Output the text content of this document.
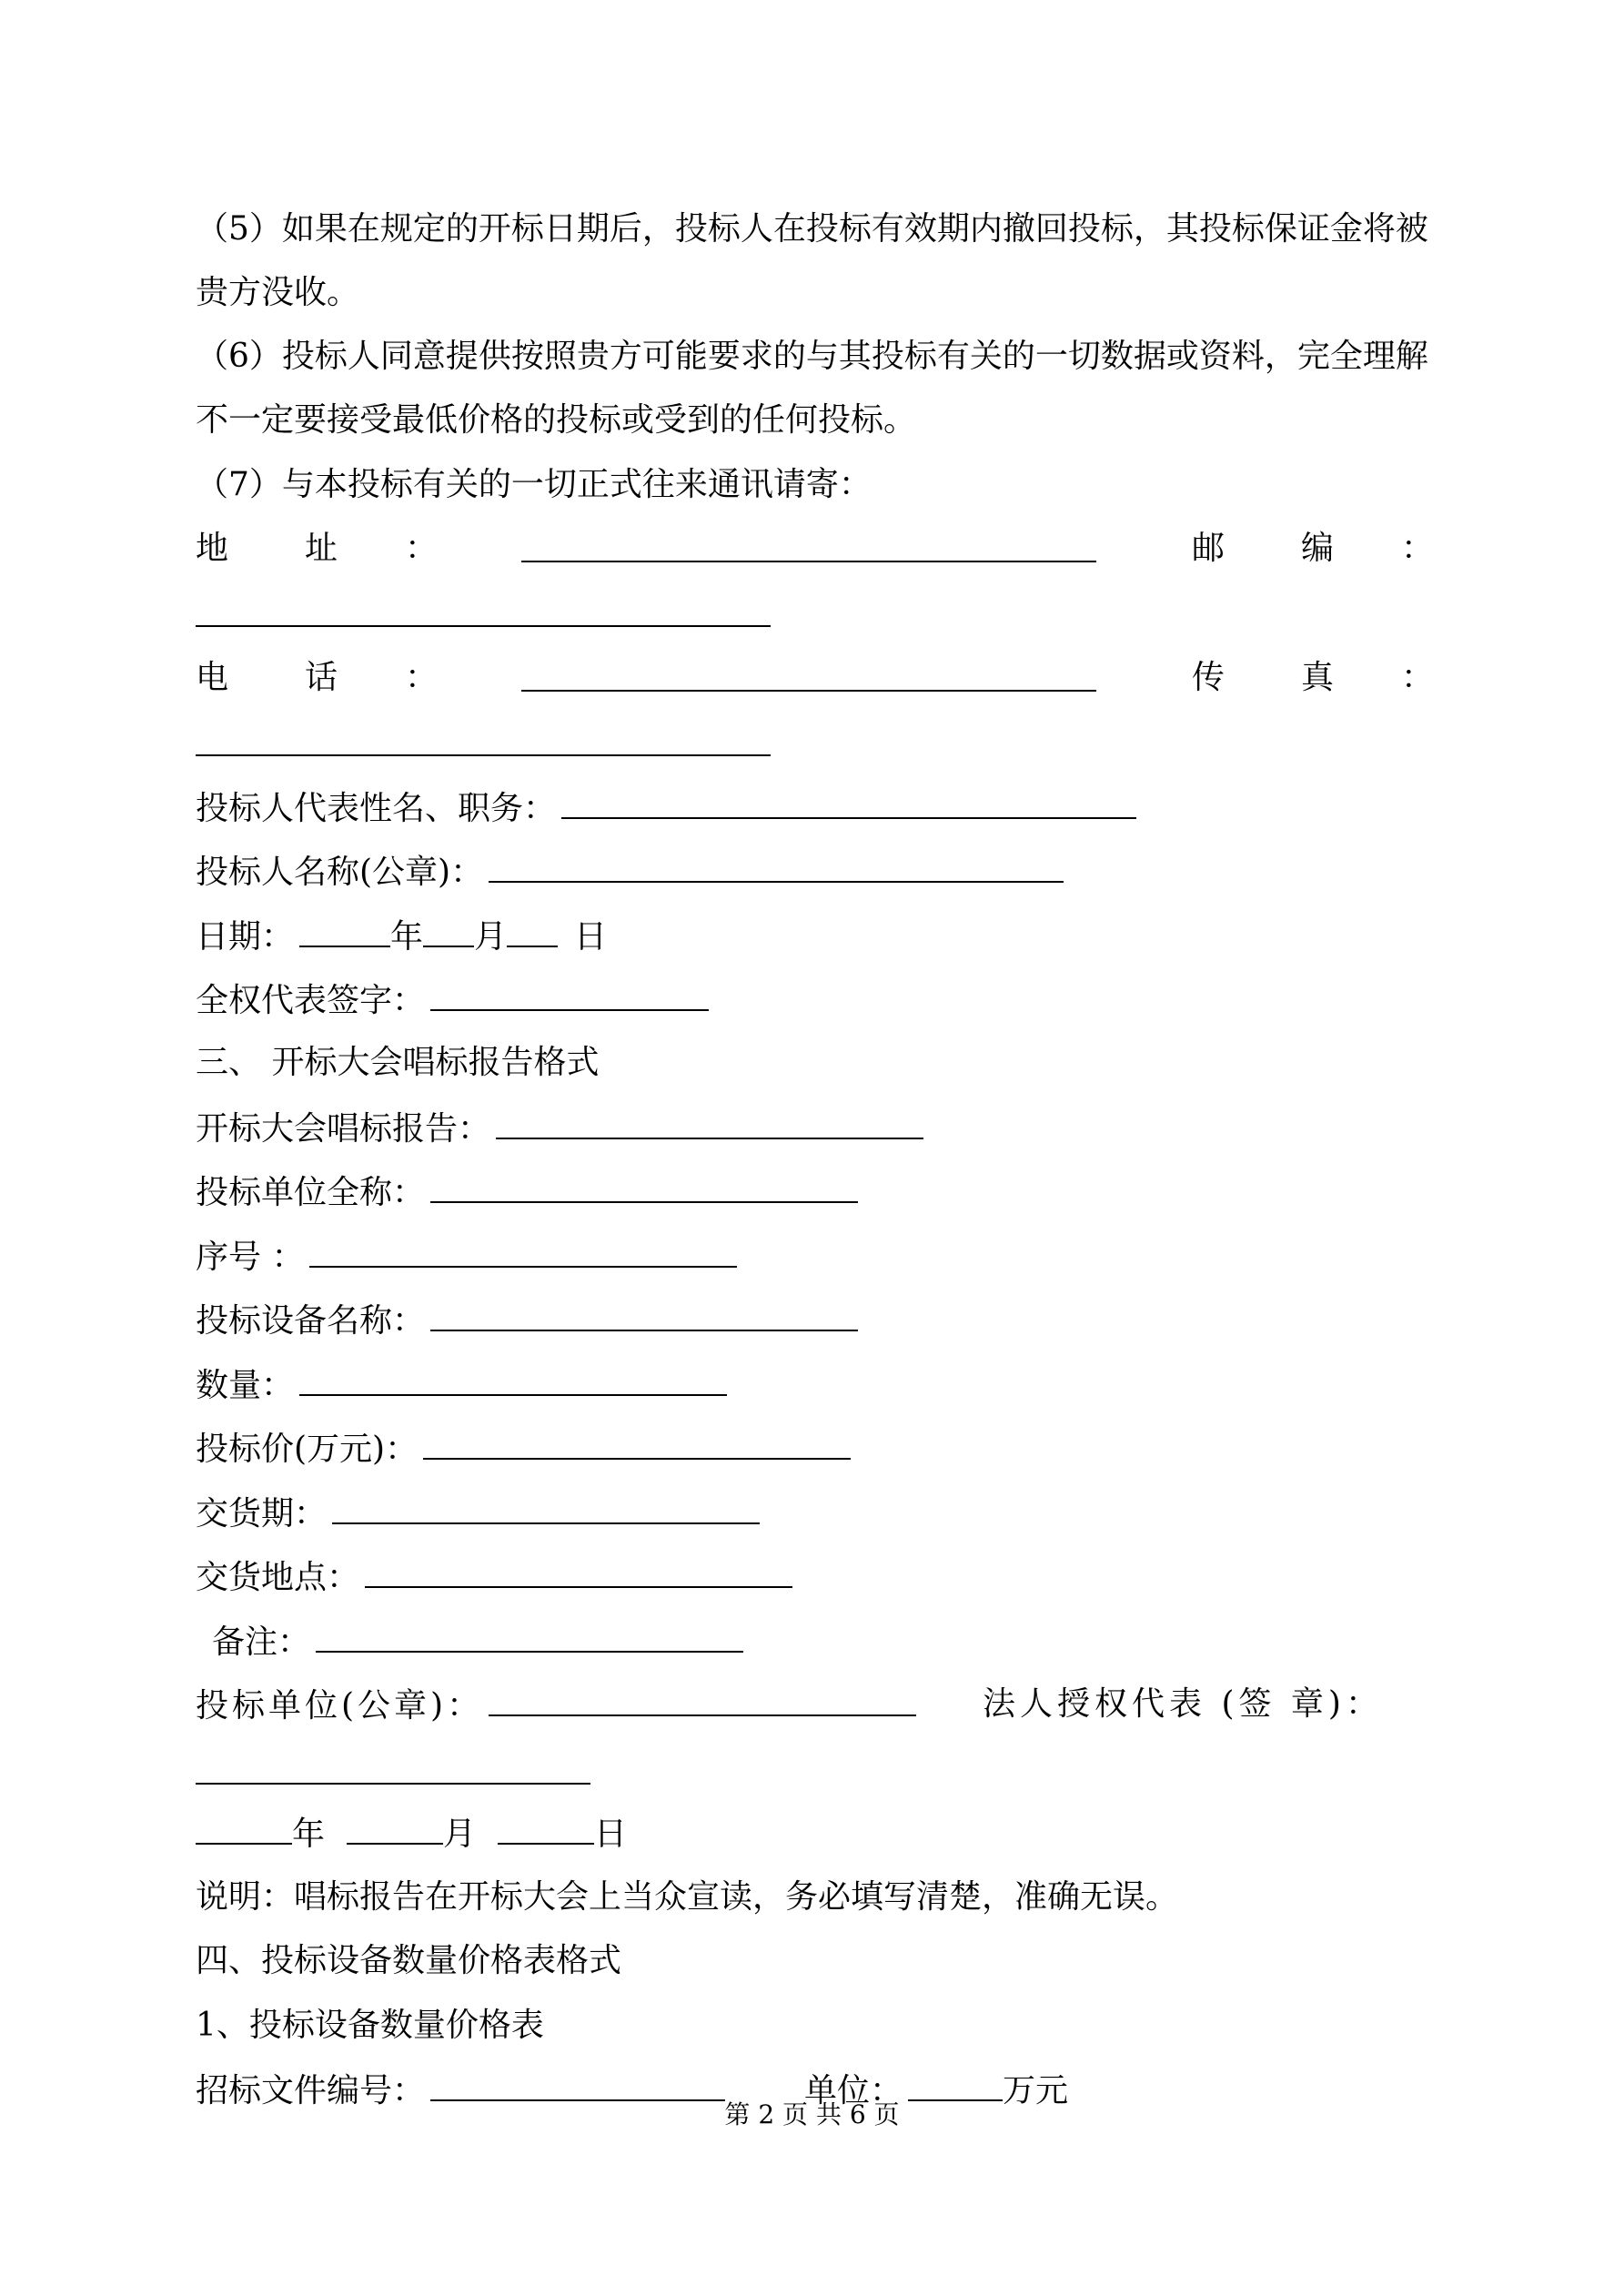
（5）如果在规定的开标日期后，投标人在投标有效期内撤回投标，其投标保证金将被
贵方没收。
（6）投标人同意提供按照贵方可能要求的与其投标有关的一切数据或资料，完全理解
不一定要接受最低价格的投标或受到的任何投标。
（7）与本投标有关的一切正式往来通讯请寄：
地 址 ：	邮 编 ：
电 话 ：	传 真 ：
投标人代表性名、职务：
投标人名称(公章)：
日期：	年 月 日
全权代表签字：
三、 开标大会唱标报告格式
开标大会唱标报告：
投标单位全称：
序号 ：
投标设备名称：
数量：
投标价(万元)：
交货期：
交货地点：
备注：
投标单位(公章)：	法人授权代表 (签 章)：
年	月	日
说明：唱标报告在开标大会上当众宣读，务必填写清楚，准确无误。
四、投标设备数量价格表格式
1、投标设备数量价格表
招标文件编号：	单位：	万元
第 2 页 共 6 页
